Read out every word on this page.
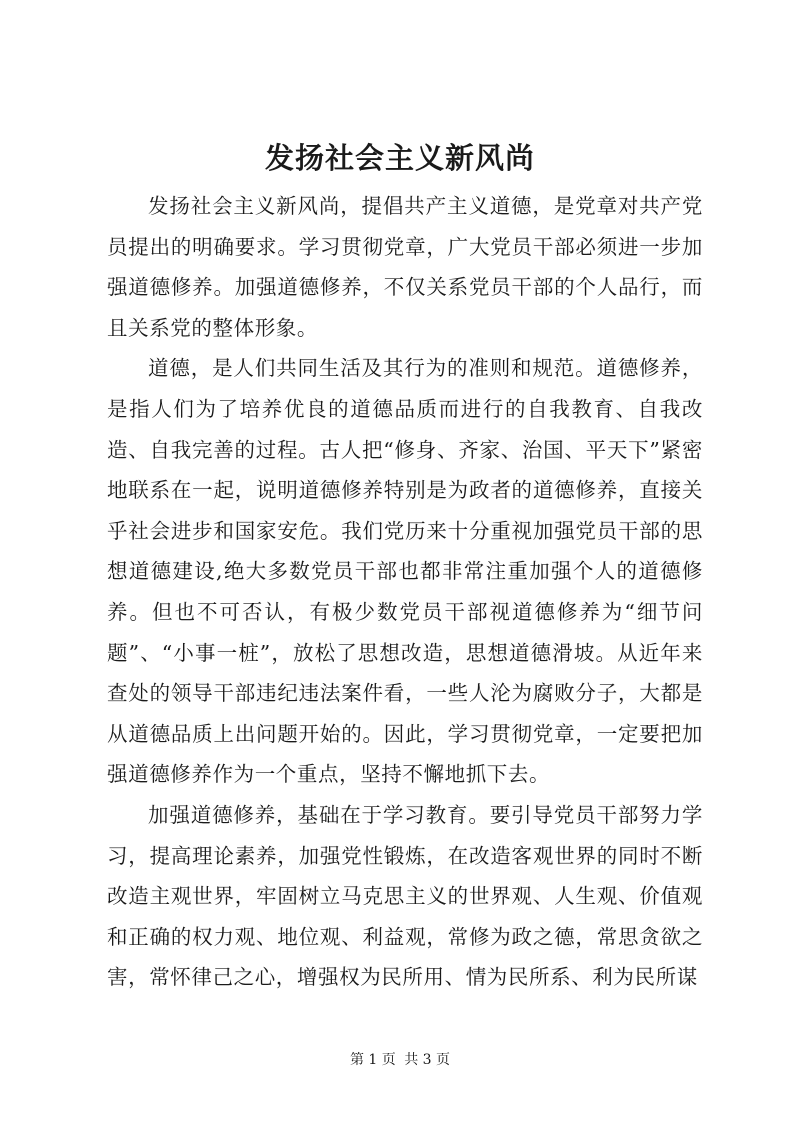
发扬社会主义新风尚

发扬社会主义新风尚，提倡共产主义道德，是党章对共产党员提出的明确要求。学习贯彻党章，广大党员干部必须进一步加强道德修养。加强道德修养，不仅关系党员干部的个人品行，而且关系党的整体形象。

道德，是人们共同生活及其行为的准则和规范。道德修养，是指人们为了培养优良的道德品质而进行的自我教育、自我改造、自我完善的过程。古人把“修身、齐家、治国、平天下”紧密地联系在一起，说明道德修养特别是为政者的道德修养，直接关乎社会进步和国家安危。我们党历来十分重视加强党员干部的思想道德建设,绝大多数党员干部也都非常注重加强个人的道德修养。但也不可否认，有极少数党员干部视道德修养为“细节问题”、“小事一桩”，放松了思想改造，思想道德滑坡。从近年来查处的领导干部违纪违法案件看，一些人沦为腐败分子，大都是从道德品质上出问题开始的。因此，学习贯彻党章，一定要把加强道德修养作为一个重点，坚持不懈地抓下去。

加强道德修养，基础在于学习教育。要引导党员干部努力学习，提高理论素养，加强党性锻炼，在改造客观世界的同时不断改造主观世界，牢固树立马克思主义的世界观、人生观、价值观和正确的权力观、地位观、利益观，常修为政之德，常思贪欲之害，常怀律己之心，增强权为民所用、情为民所系、利为民所谋

第 1 页 共 3 页
